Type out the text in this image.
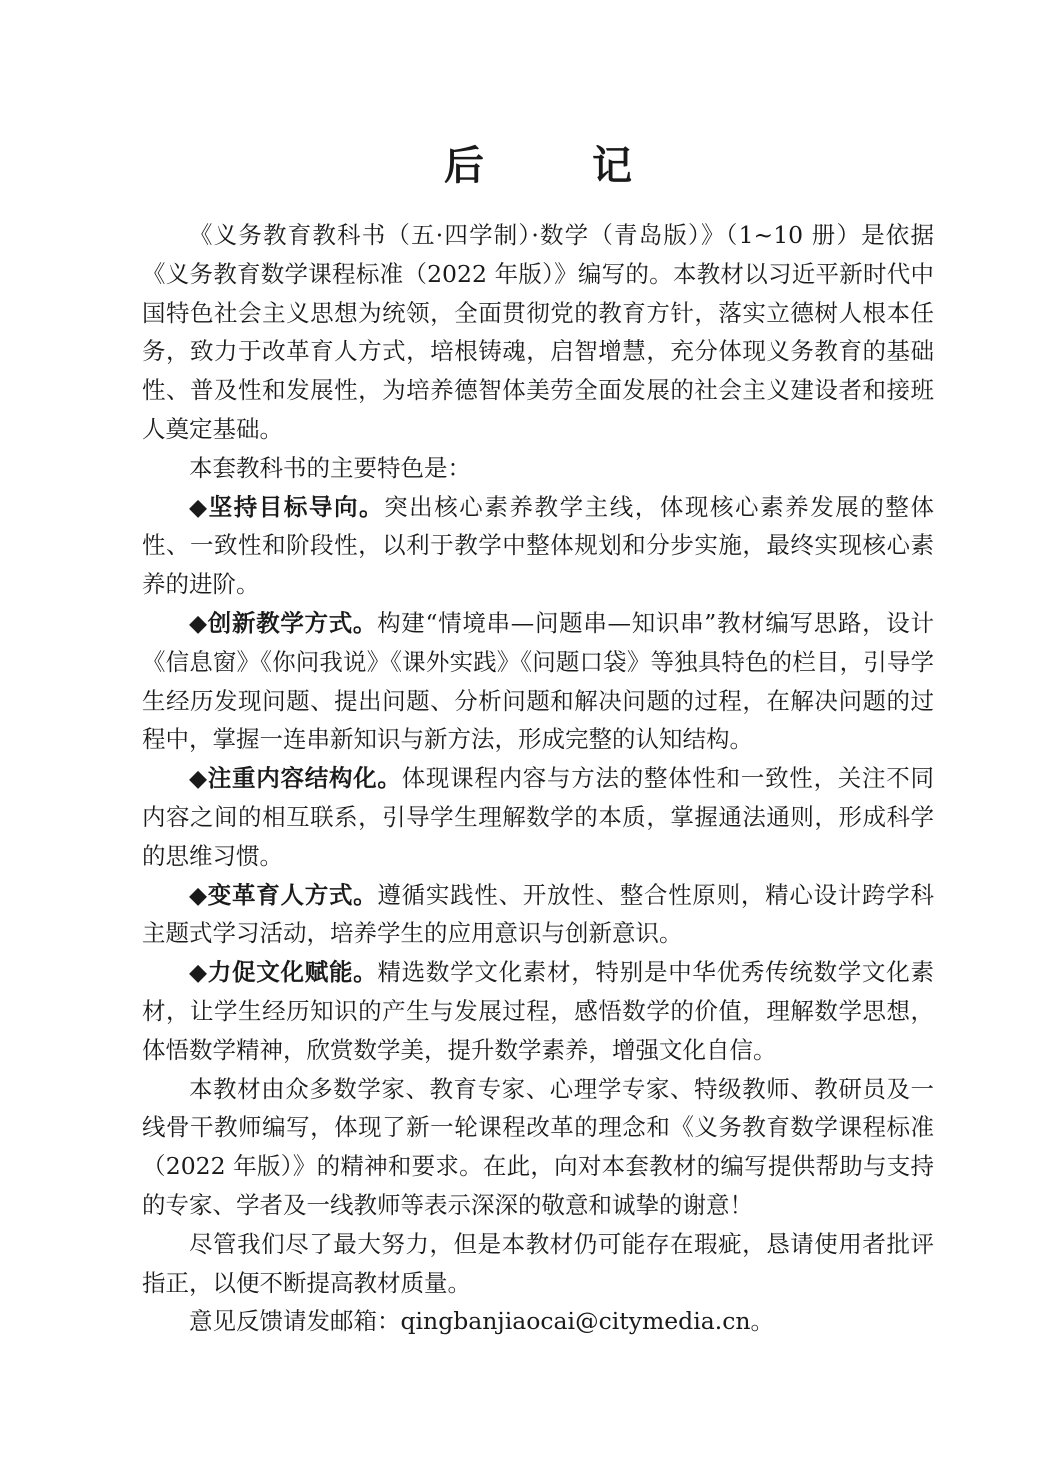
后　记

《义务教育教科书（五·四学制）·数学（青岛版）》（1~10 册）是依据《义务教育数学课程标准（2022 年版）》编写的。本教材以习近平新时代中国特色社会主义思想为统领，全面贯彻党的教育方针，落实立德树人根本任务，致力于改革育人方式，培根铸魂，启智增慧，充分体现义务教育的基础性、普及性和发展性，为培养德智体美劳全面发展的社会主义建设者和接班人奠定基础。

本套教科书的主要特色是：

◆坚持目标导向。突出核心素养教学主线，体现核心素养发展的整体性、一致性和阶段性，以利于教学中整体规划和分步实施，最终实现核心素养的进阶。

◆创新教学方式。构建“情境串—问题串—知识串”教材编写思路，设计《信息窗》《你问我说》《课外实践》《问题口袋》等独具特色的栏目，引导学生经历发现问题、提出问题、分析问题和解决问题的过程，在解决问题的过程中，掌握一连串新知识与新方法，形成完整的认知结构。

◆注重内容结构化。体现课程内容与方法的整体性和一致性，关注不同内容之间的相互联系，引导学生理解数学的本质，掌握通法通则，形成科学的思维习惯。

◆变革育人方式。遵循实践性、开放性、整合性原则，精心设计跨学科主题式学习活动，培养学生的应用意识与创新意识。

◆力促文化赋能。精选数学文化素材，特别是中华优秀传统数学文化素材，让学生经历知识的产生与发展过程，感悟数学的价值，理解数学思想，体悟数学精神，欣赏数学美，提升数学素养，增强文化自信。

本教材由众多数学家、教育专家、心理学专家、特级教师、教研员及一线骨干教师编写，体现了新一轮课程改革的理念和《义务教育数学课程标准（2022 年版）》的精神和要求。在此，向对本套教材的编写提供帮助与支持的专家、学者及一线教师等表示深深的敬意和诚挚的谢意！

尽管我们尽了最大努力，但是本教材仍可能存在瑕疵，恳请使用者批评指正，以便不断提高教材质量。

意见反馈请发邮箱：qingbanjiaocai@citymedia.cn。
